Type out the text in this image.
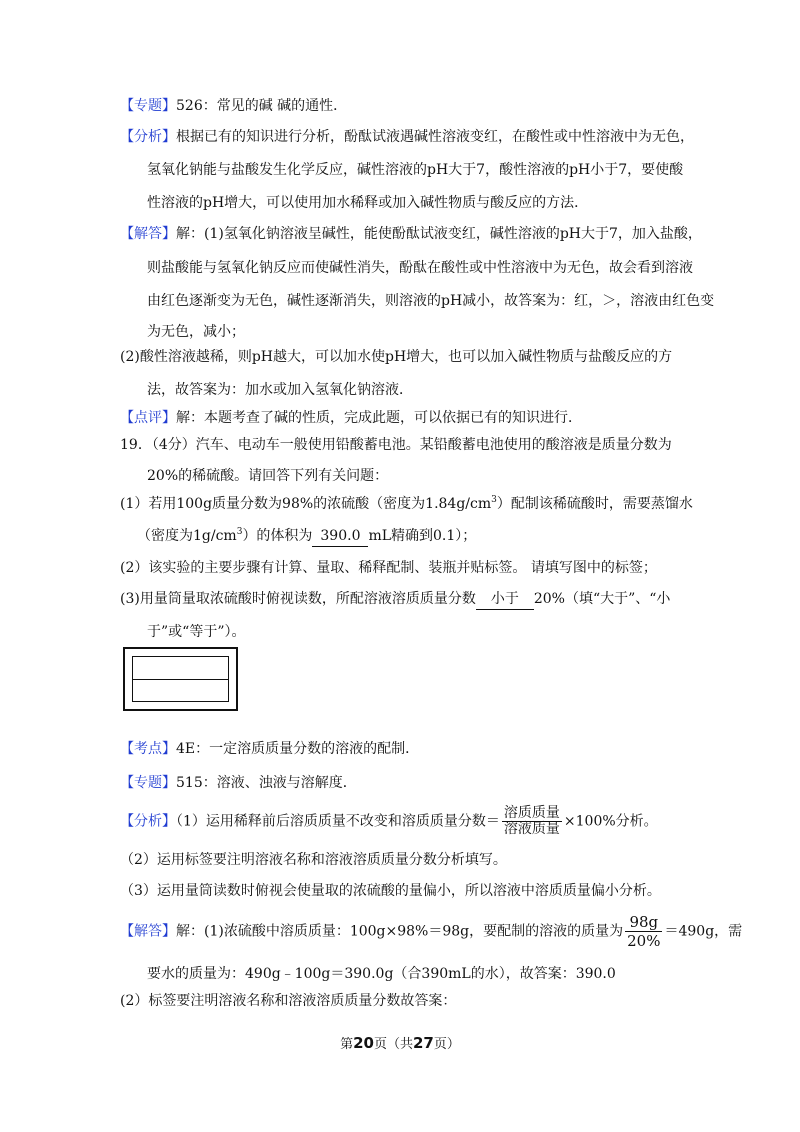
【专题】526：常见的碱 碱的通性．
【分析】根据已有的知识进行分析，酚酞试液遇碱性溶液变红，在酸性或中性溶液中为无色，
氢氧化钠能与盐酸发生化学反应，碱性溶液的pH大于7，酸性溶液的pH小于7，要使酸
性溶液的pH增大，可以使用加水稀释或加入碱性物质与酸反应的方法．
【解答】解：(1)氢氧化钠溶液呈碱性，能使酚酞试液变红，碱性溶液的pH大于7，加入盐酸，
则盐酸能与氢氧化钠反应而使碱性消失，酚酞在酸性或中性溶液中为无色，故会看到溶液
由红色逐渐变为无色，碱性逐渐消失，则溶液的pH减小，故答案为：红，＞，溶液由红色变
为无色，减小；
(2)酸性溶液越稀，则pH越大，可以加水使pH增大，也可以加入碱性物质与盐酸反应的方
法，故答案为：加水或加入氢氧化钠溶液．
【点评】解：本题考查了碱的性质，完成此题，可以依据已有的知识进行．
19．（4分）汽车、电动车一般使用铅酸蓄电池。某铅酸蓄电池使用的酸溶液是质量分数为
20%的稀硫酸。请回答下列有关问题：
(1）若用100g质量分数为98%的浓硫酸（密度为$1.84g/cm^3$）配制该稀硫酸时，需要蒸馏水
（密度为$1g/cm^3$）的体积为 390.0 mL精确到0.1）；
(2）该实验的主要步骤有计算、量取、稀释配制、装瓶并贴标签。 请填写图中的标签；
(3)用量筒量取浓硫酸时俯视读数，所配溶液溶质质量分数 小于 20%（填“大于”、“小
于”或“等于”）。
【考点】4E：一定溶质质量分数的溶液的配制．
【专题】515：溶液、浊液与溶解度．
【分析】（1）运用稀释前后溶质质量不改变和溶质质量分数＝ $\frac{\text{溶质质量}}{\text{溶液质量}} \times 100\%$分析。
（2）运用标签要注明溶液名称和溶液溶质质量分数分析填写。
（3）运用量筒读数时俯视会使量取的浓硫酸的量偏小，所以溶液中溶质质量偏小分析。
【解答】解：(1)浓硫酸中溶质质量：100g×98%＝98g，要配制的溶液的质量为 $\frac{98g}{20\%} =490g$，需
要水的质量为：490g﹣100g＝390.0g（合390mL的水），故答案：390.0
(2）标签要注明溶液名称和溶液溶质质量分数故答案：
第20页（共27页）
